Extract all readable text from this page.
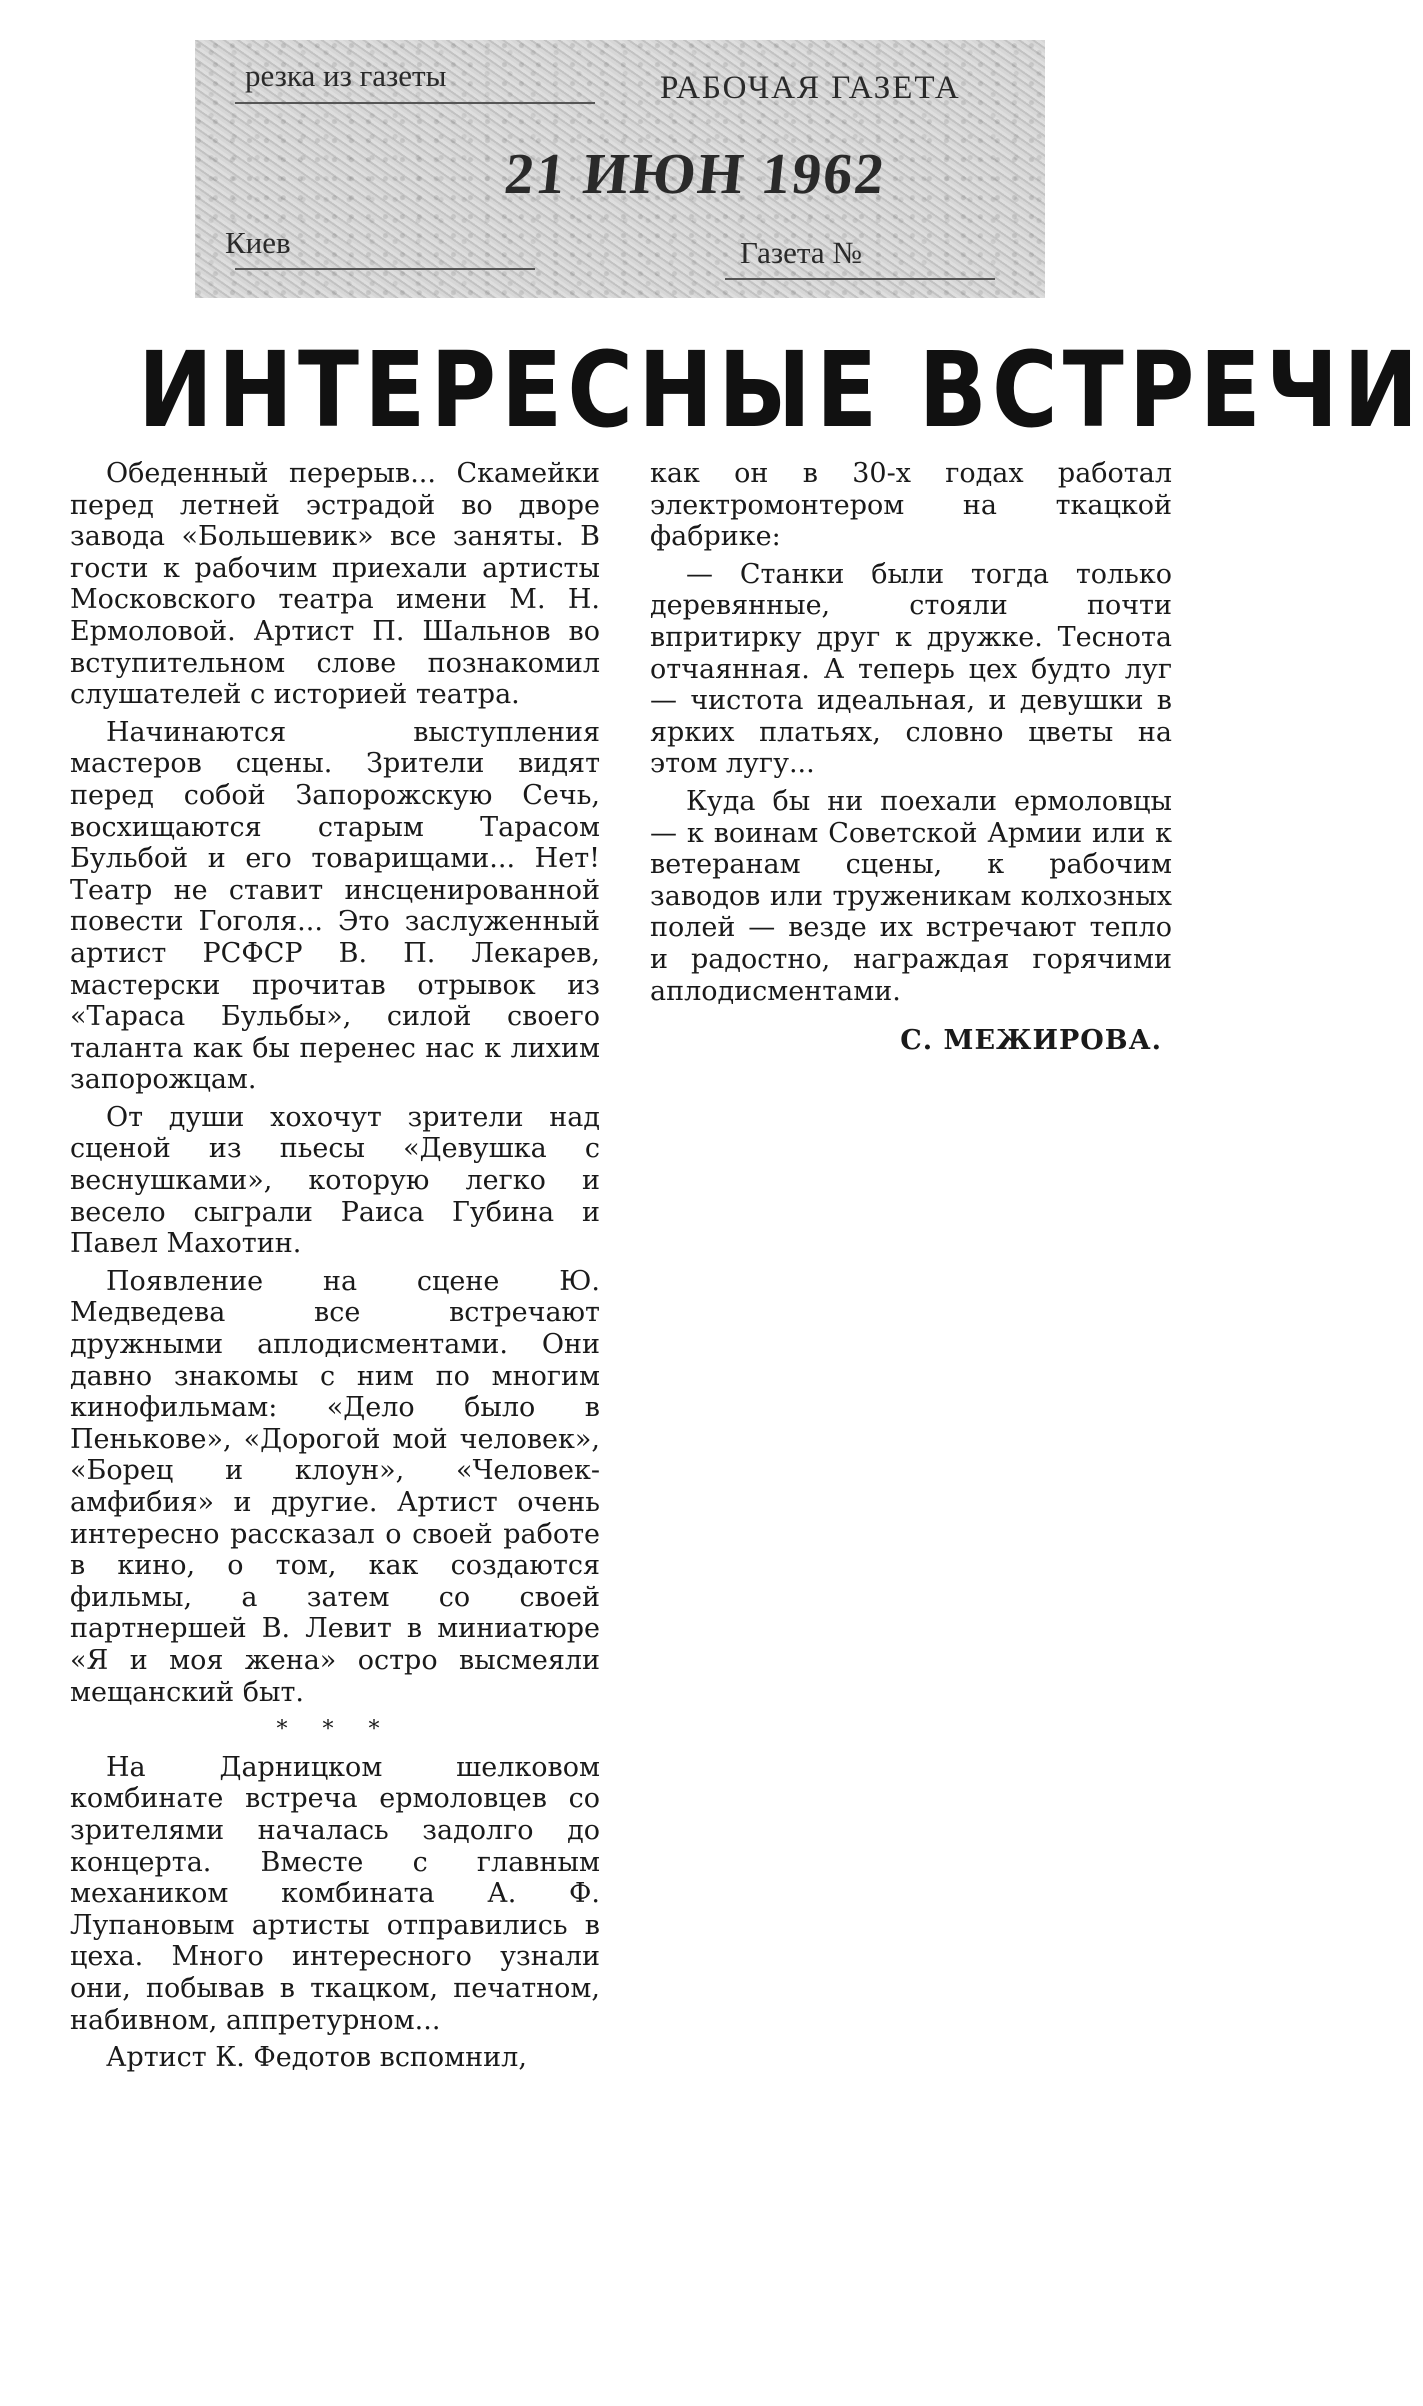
резка из газеты	РАБОЧАЯ ГАЗЕТА
21 ИЮН 1962
Киев	Газета №
ИНТЕРЕСНЫЕ ВСТРЕЧИ

Обеденный перерыв... Скамейки перед летней эстрадой во дворе завода «Большевик» все заняты. В гости к рабочим приехали артисты Московского театра имени М. Н. Ермоловой. Артист П. Шальнов во вступительном слове познакомил слушателей с историей театра.

Начинаются выступления мастеров сцены. Зрители видят перед собой Запорожскую Сечь, восхищаются старым Тарасом Бульбой и его товарищами... Нет! Театр не ставит инсценированной повести Гоголя... Это заслуженный артист РСФСР В. П. Лекарев, мастерски прочитав отрывок из «Тараса Бульбы», силой своего таланта как бы перенес нас к лихим запорожцам.

От души хохочут зрители над сценой из пьесы «Девушка с веснушками», которую легко и весело сыграли Раиса Губина и Павел Махотин.

Появление на сцене Ю. Медведева все встречают дружными аплодисментами. Они давно знакомы с ним по многим кинофильмам: «Дело было в Пенькове», «Дорогой мой человек», «Борец и клоун», «Человек-амфибия» и другие. Артист очень интересно рассказал о своей работе в кино, о том, как создаются фильмы, а затем со своей партнершей В. Левит в миниатюре «Я и моя жена» остро высмеяли мещанский быт.

* * *

На Дарницком шелковом комбинате встреча ермоловцев со зрителями началась задолго до концерта. Вместе с главным механиком комбината А. Ф. Лупановым артисты отправились в цеха. Много интересного узнали они, побывав в ткацком, печатном, набивном, аппретурном...

Артист К. Федотов вспомнил,

как он в 30-х годах работал электромонтером на ткацкой фабрике:

— Станки были тогда только деревянные, стояли почти впритирку друг к дружке. Теснота отчаянная. А теперь цех будто луг — чистота идеальная, и девушки в ярких платьях, словно цветы на этом лугу...

Куда бы ни поехали ермоловцы — к воинам Советской Армии или к ветеранам сцены, к рабочим заводов или труженикам колхозных полей — везде их встречают тепло и радостно, награждая горячими аплодисментами.

С. МЕЖИРОВА.
